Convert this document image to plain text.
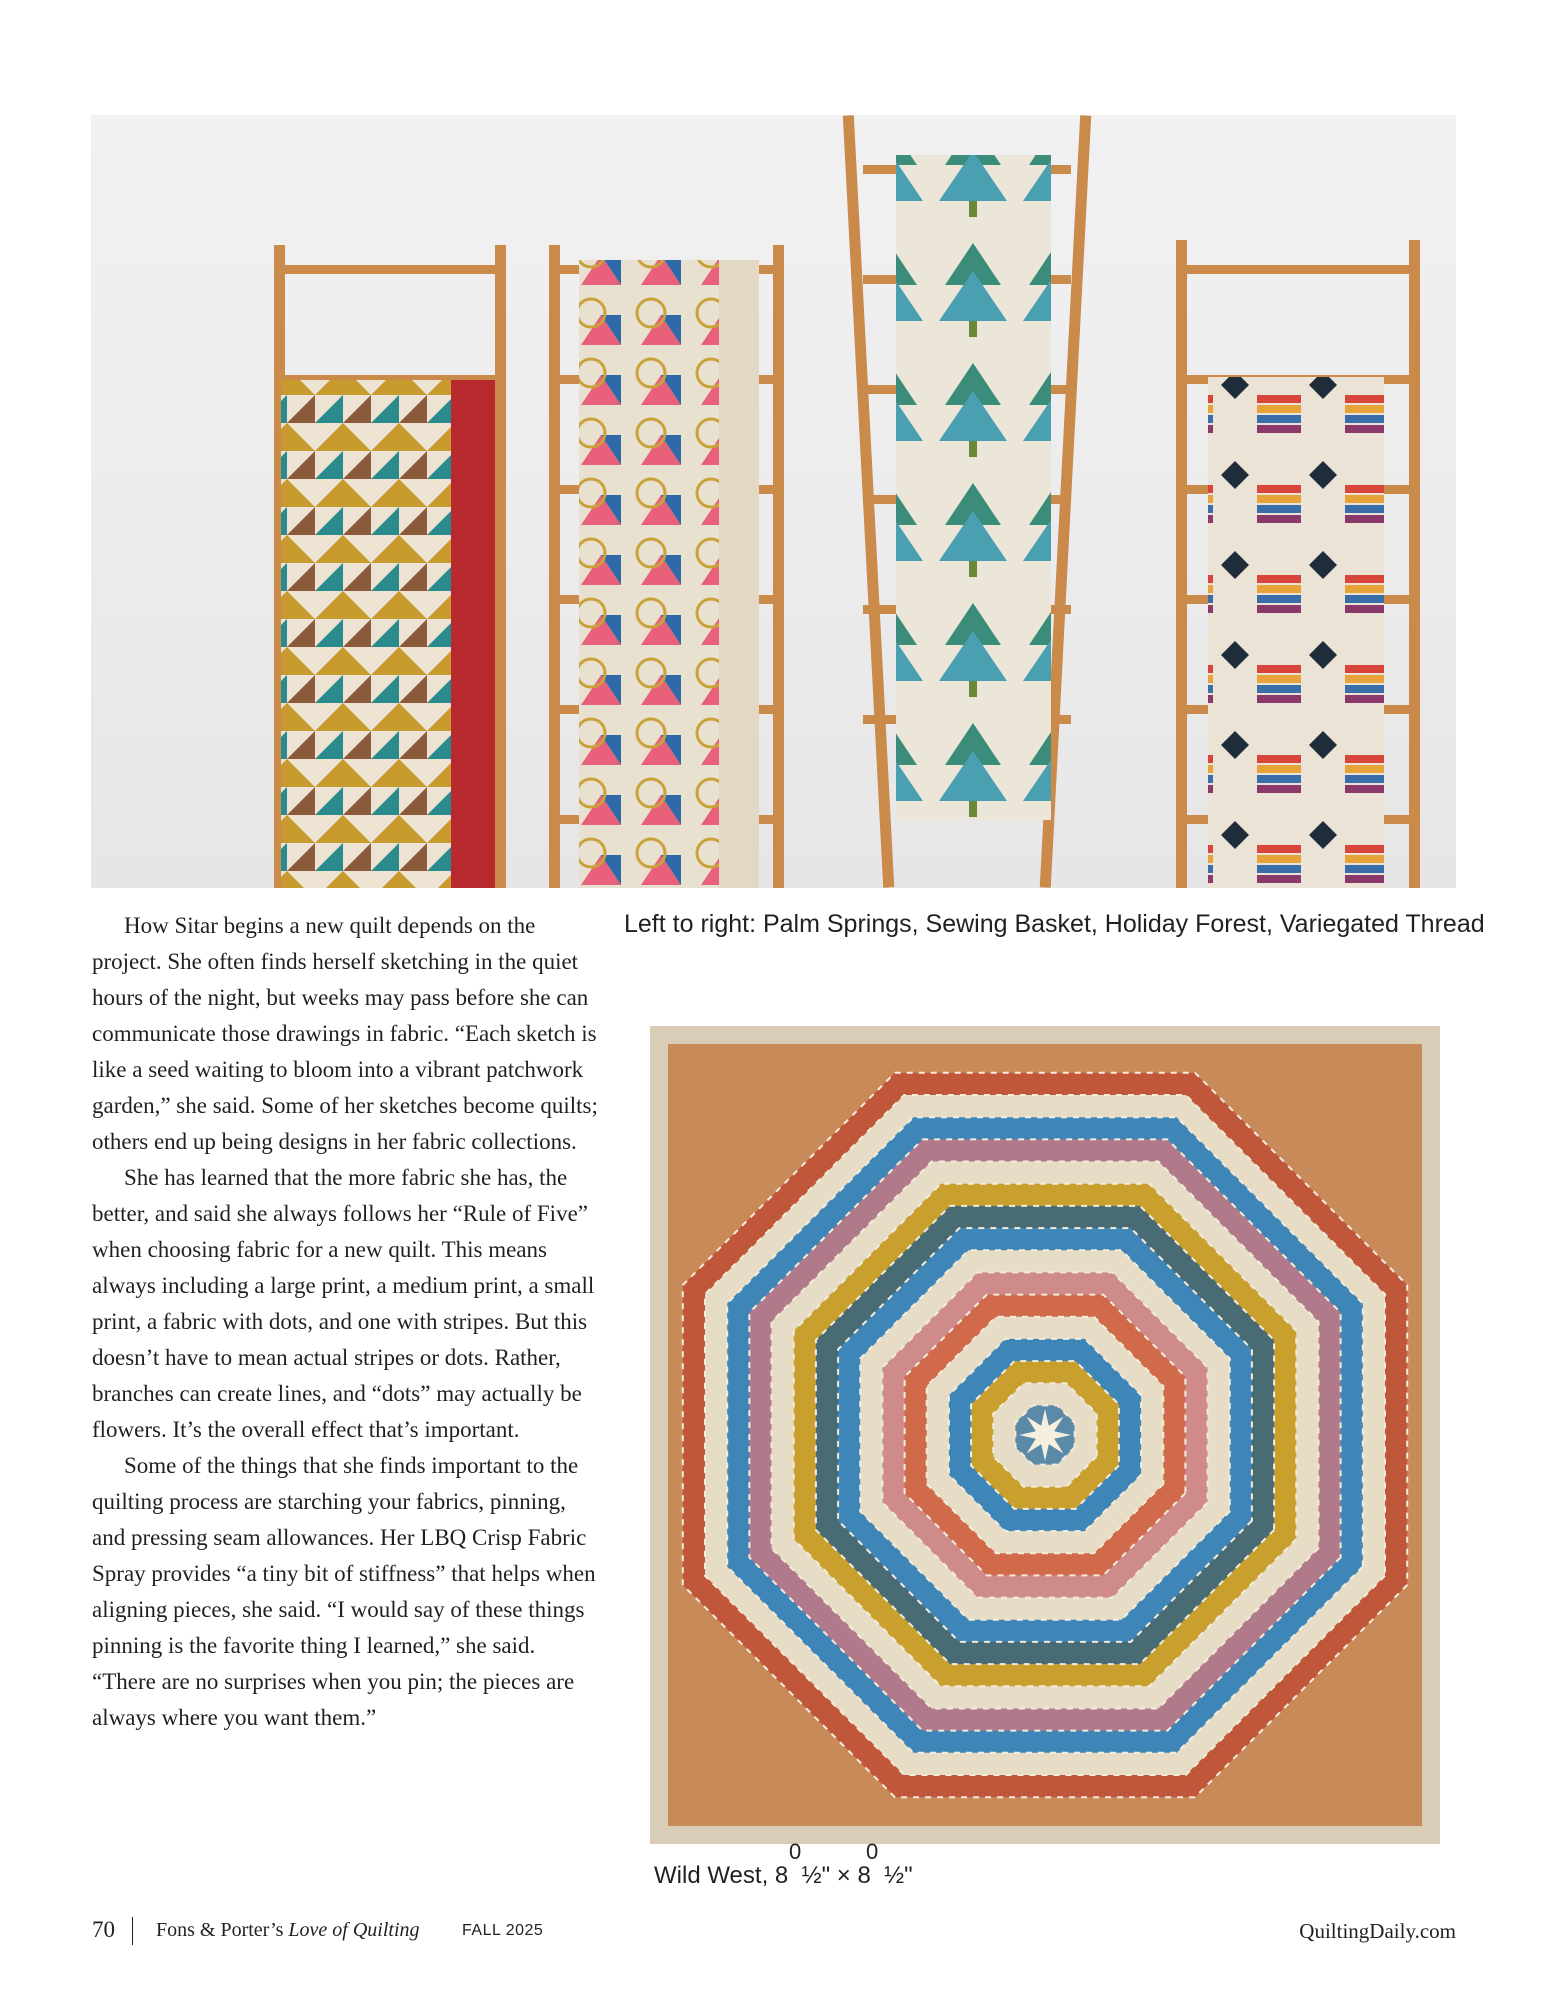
Left to right: Palm Springs, Sewing Basket, Holiday Forest, Variegated Thread

How Sitar begins a new quilt depends on the project. She often finds herself sketching in the quiet hours of the night, but weeks may pass before she can communicate those drawings in fabric. “Each sketch is like a seed waiting to bloom into a vibrant patchwork garden,” she said. Some of her sketches become quilts; others end up being designs in her fabric collections.

She has learned that the more fabric she has, the better, and said she always follows her “Rule of Five” when choosing fabric for a new quilt. This means always including a large print, a medium print, a small print, a fabric with dots, and one with stripes. But this doesn’t have to mean actual stripes or dots. Rather, branches can create lines, and “dots” may actually be flowers. It’s the overall effect that’s important.

Some of the things that she finds important to the quilting process are starching your fabrics, pinning, and pressing seam allowances. Her LBQ Crisp Fabric Spray provides “a tiny bit of stiffness” that helps when aligning pieces, she said. “I would say of these things pinning is the favorite thing I learned,” she said. “There are no surprises when you pin; the pieces are always where you want them.”

0	0
Wild West, 8  ½" × 8  ½"
70 Fons & Porter’s Love of Quilting	FALL 2025	QuiltingDaily.com
